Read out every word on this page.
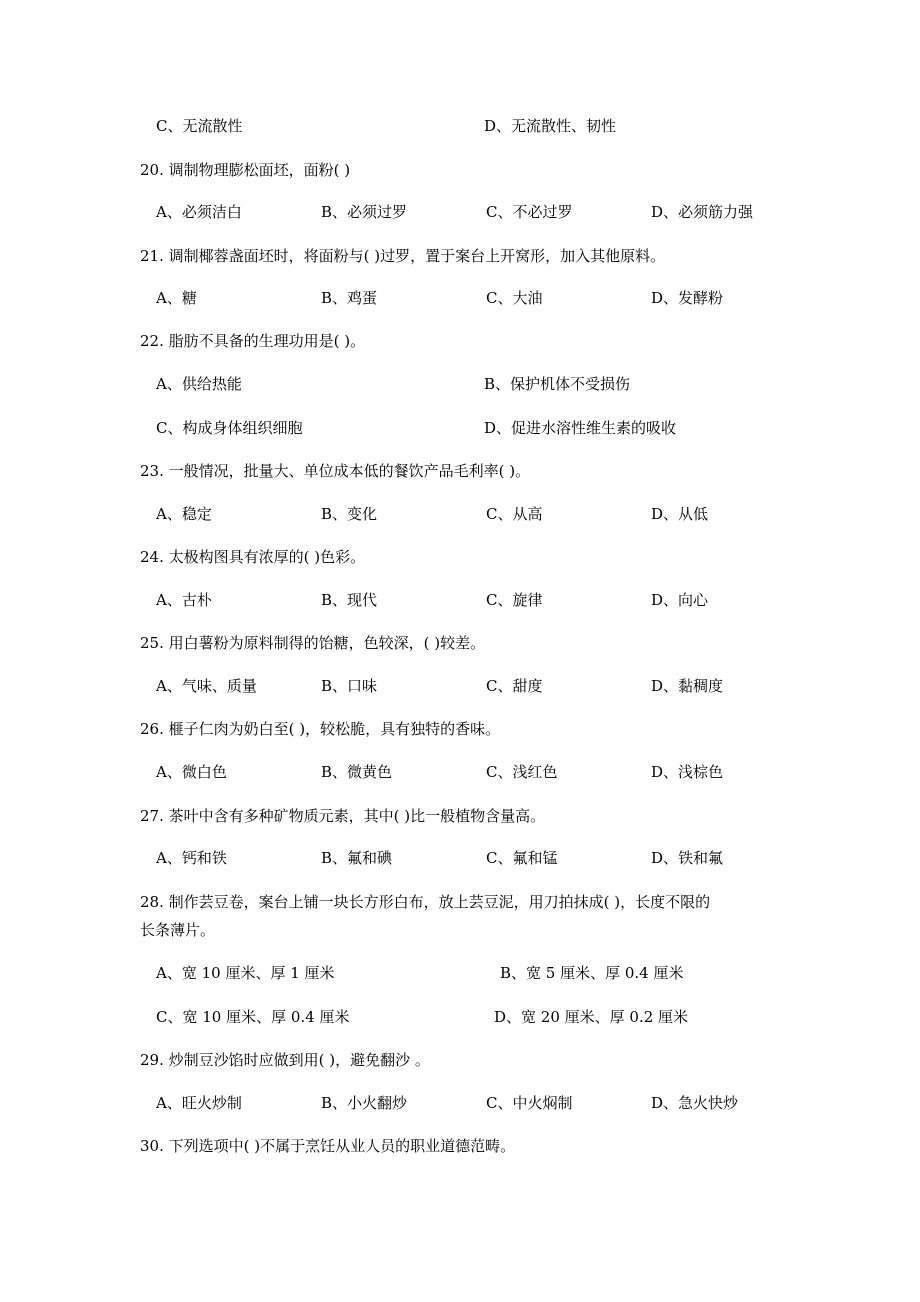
C、无流散性	D、无流散性、韧性
20. 调制物理膨松面坯，面粉( )
A、必须洁白	B、必须过罗	C、不必过罗	D、必须筋力强
21. 调制椰蓉盏面坯时，将面粉与( )过罗，置于案台上开窝形，加入其他原料。
A、糖	B、鸡蛋	C、大油	D、发酵粉
22. 脂肪不具备的生理功用是( )。
A、供给热能	B、保护机体不受损伤
C、构成身体组织细胞	D、促进水溶性维生素的吸收
23. 一般情况，批量大、单位成本低的餐饮产品毛利率( )。
A、稳定	B、变化	C、从高	D、从低
24. 太极构图具有浓厚的( )色彩。
A、古朴	B、现代	C、旋律	D、向心
25. 用白薯粉为原料制得的饴糖，色较深，( )较差。
A、气味、质量	B、口味	C、甜度	D、黏稠度
26. 榧子仁肉为奶白至( )，较松脆，具有独特的香味。
A、微白色	B、微黄色	C、浅红色	D、浅棕色
27. 茶叶中含有多种矿物质元素，其中( )比一般植物含量高。
A、钙和铁	B、氟和碘	C、氟和锰	D、铁和氟
28. 制作芸豆卷，案台上铺一块长方形白布，放上芸豆泥，用刀拍抹成( )，长度不限的
长条薄片。
A、宽 10 厘米、厚 1 厘米	B、宽 5 厘米、厚 0.4 厘米
C、宽 10 厘米、厚 0.4 厘米	D、宽 20 厘米、厚 0.2 厘米
29. 炒制豆沙馅时应做到用( )，避免翻沙 。
A、旺火炒制	B、小火翻炒	C、中火焖制	D、急火快炒
30. 下列选项中( )不属于烹饪从业人员的职业道德范畴。
